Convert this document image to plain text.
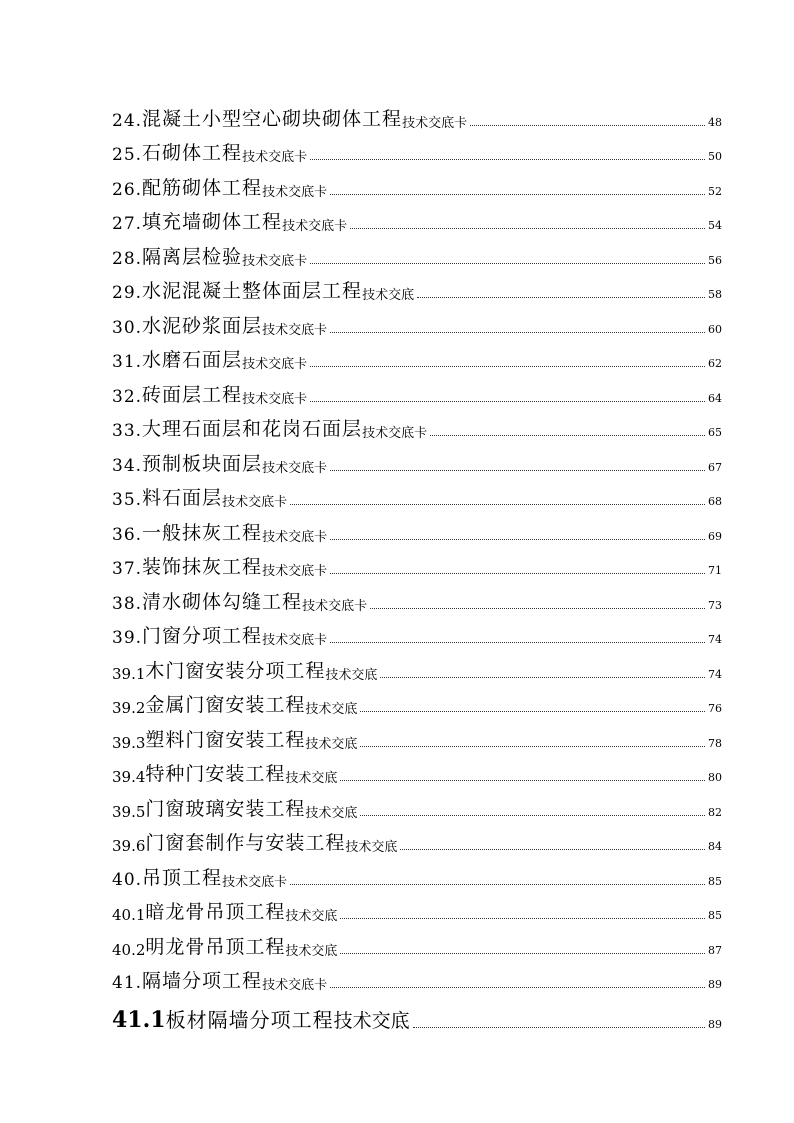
24. 混凝土小型空心砌块砌体工程 技术交底卡	48
25. 石砌体工程 技术交底卡	50
26. 配筋砌体工程 技术交底卡	52
27. 填充墙砌体工程 技术交底卡	54
28. 隔离层检验 技术交底卡	56
29. 水泥混凝土整体面层工程 技术交底	58
30. 水泥砂浆面层 技术交底卡	60
31. 水磨石面层 技术交底卡	62
32. 砖面层工程 技术交底卡	64
33. 大理石面层和花岗石面层 技术交底卡	65
34. 预制板块面层 技术交底卡	67
35. 料石面层 技术交底卡	68
36. 一般抹灰工程 技术交底卡	69
37. 装饰抹灰工程 技术交底卡	71
38. 清水砌体勾缝工程 技术交底卡	73
39. 门窗分项工程 技术交底卡	74
39.1 木门窗安装分项工程 技术交底	74
39.2 金属门窗安装工程 技术交底	76
39.3 塑料门窗安装工程 技术交底	78
39.4 特种门安装工程 技术交底	80
39.5 门窗玻璃安装工程 技术交底	82
39.6 门窗套制作与安装工程 技术交底	84
40. 吊顶工程 技术交底卡	85
40.1 暗龙骨吊顶工程 技术交底	85
40.2 明龙骨吊顶工程 技术交底	87
41. 隔墙分项工程 技术交底卡	89
41.1 板材隔墙分项工程 技术交底	89
